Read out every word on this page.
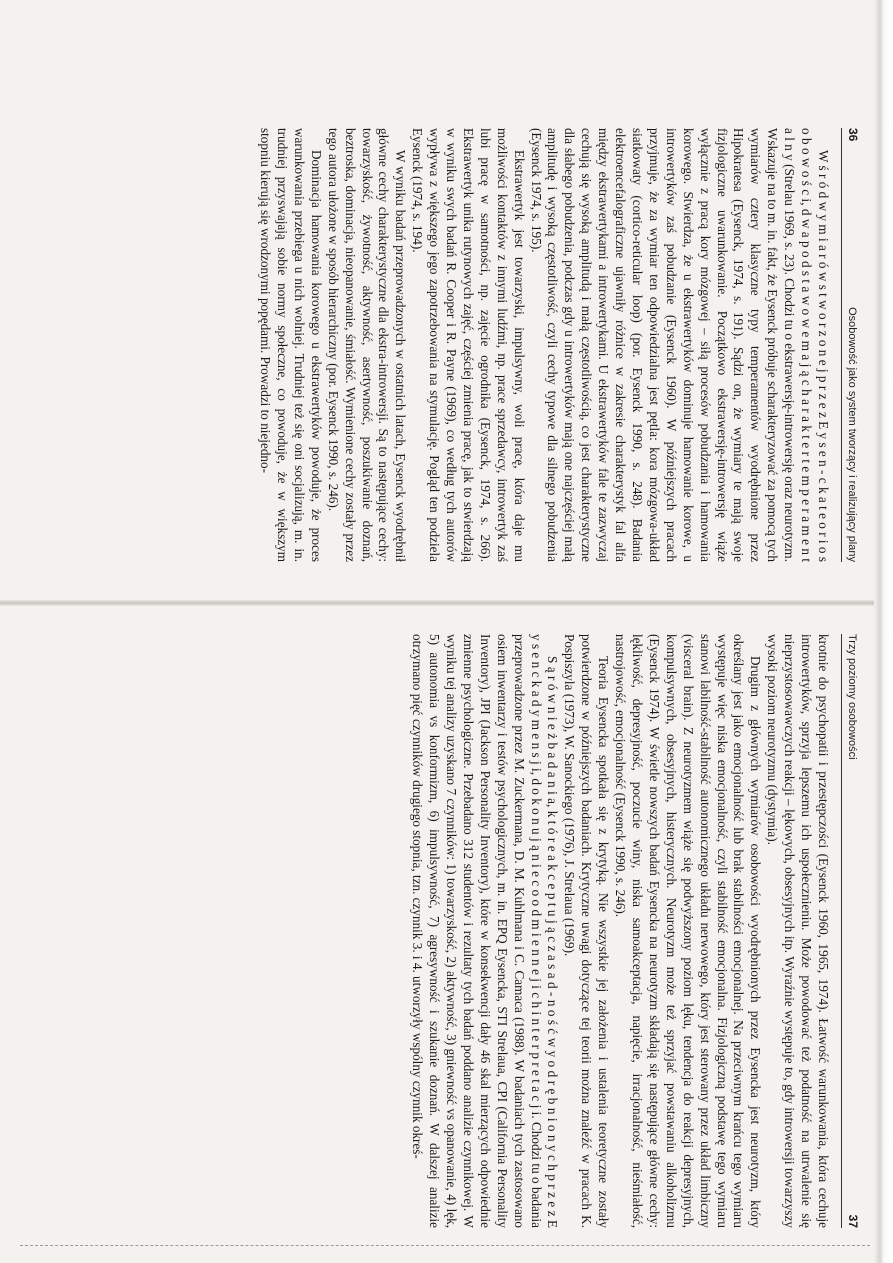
36
Osobowość jako system tworzący i realizujący plany

W ś r ó d w y m i a r ó w s t w o r z o n e j p r z e z E y s e n - c k a t e o r i o s o b o w o ś c i, d w a p o d s t a w o w e m a j ą c h a r a k t e r t e m p e r a m e n t a l n y (Strelau 1969, s. 23). Chodzi tu o ekstrawersję-introwersję oraz neurotyzm. Wskazuje na to m. in. fakt, że Eysenck próbuje scharakteryzować za pomocą tych wymiarów cztery klasyczne typy temperamentów wyodrębnione przez Hipokratesa (Eysenck, 1974, s. 191). Sądzi on, że wymiary te mają swoje fizjologiczne uwarunkowanie. Początkowo ekstrawersję-introwersję wiąże wyłącznie z pracą kory mózgowej – siłą procesów pobudzania i hamowania korowego. Stwierdza, że u ekstrawertyków dominuje hamowanie korowe, u introwertyków zaś pobudzanie (Eysenck 1960). W późniejszych pracach przyjmuje, że za wymiar ten odpowiedzialna jest pętla: kora mózgowa-układ siatkowaty (cortico-reticular loop) (por. Eysenck 1990, s. 248). Badania elektroencefalograficzne ujawniły różnice w zakresie charakterystyk fal alfa między ekstrawertykami a introwertykami. U ekstrawertyków fale te zazwyczaj cechują się wysoką amplitudą i małą częstotliwością, co jest charakterystyczne dla słabego pobudzenia, podczas gdy u introwertyków mają one najczęściej małą amplitudę i wysoką częstotliwość, czyli cechy typowe dla silnego pobudzenia (Eysenck 1974, s. 195).

Ekstrawertyk jest towarzyski, impulsywny, woli pracę, która daje mu możliwości kontaktów z innymi ludźmi, np. prace sprzedawcy, introwertyk zaś lubi pracę w samotności, np. zajęcie ogrodnika (Eysenck, 1974, s. 266). Ekstrawertyk unika rutynowych zajęć, częściej zmienia pracę, jak to stwierdzają w wyniku swych badań R. Cooper i R. Payne (1969), co według tych autorów wypływa z większego jego zapotrzebowania na stymulację. Pogląd ten podziela Eysenck (1974, s. 194).

W wyniku badań przeprowadzonych w ostatnich latach, Eysenck wyodrębnił główne cechy charakterystyczne dla ekstra-introwersji. Są to następujące cechy: towarzyskość, żywotność, aktywność, asertywność, poszukiwanie doznań, beztroska, dominacja, nieopanowanie, śmiałość. Wymienione cechy zostały przez tego autora ułożone w sposób hierarchiczny (por. Eysenck 1990, s. 246).

Dominacja hamowania korowego u ekstrawertyków powoduje, że proces warunkowania przebiega u nich wolniej. Trudniej też się oni socjalizują, m. in. trudniej przyswajają sobie normy społeczne, co powoduje, że w większym stopniu kierują się wrodzonymi popędami. Prowadzi to niejedno-

Trzy poziomy osobowości
37

krotnie do psychopatii i przestępczości (Eysenck 1960, 1965, 1974). Łatwość warunkowania, która cechuje introwertyków, sprzyja lepszemu ich uspołecznieniu. Może powodować też podatność na utrwalenie się nieprzystosowawczych reakcji – lękowych, obsesyjnych itp. Wyraźnie występuje to, gdy introwersji towarzyszy wysoki poziom neurotyzmu (dystymia).

Drugim z głównych wymiarów osobowości wyodrębnionych przez Eysencka jest neurotyzm, który określany jest jako emocjonalność lub brak stabilności emocjonalnej. Na przeciwnym krańcu tego wymiaru występuje więc niska emocjonalność, czyli stabilność emocjonalna. Fizjologiczną podstawę tego wymiaru stanowi labilność-stabilność autonomicznego układu nerwowego, który jest sterowany przez układ limbiczny (visceral brain). Z neurotyzmem wiąże się podwyższony poziom lęku, tendencja do reakcji depresyjnych, kompulsywnych, obsesyjnych, histerycznych. Neurotyzm może też sprzyjać powstawaniu alkoholizmu (Eysenck 1974). W świetle nowszych badań Eysencka na neurotyzm składają się następujące główne cechy: lękliwość, depresyjność, poczucie winy, niska samoakceptacja, napięcie, irracjonalność, nieśmiałość, nastrojowość, emocjonalność (Eysenck 1990, s. 246).

Teoria Eysencka spotkała się z krytyką. Nie wszystkie jej założenia i ustalenia teoretyczne zostały potwierdzone w późniejszych badaniach. Krytyczne uwagi dotyczące tej teorii można znaleźć w pracach K. Pospiszyla (1973), W. Sanockiego (1976), J. Strelaua (1969).

S ą r ó w n i e ż b a d a n i a, k t ó r e a k c e p t u j ą c z a s a d - n o ś ć w y o d r ę b n i o n y c h p r z e z E y s e n c k a d y m e n s j i, d o k o n u j ą n i e c o o d m i e n n e j i c h i n t e r p r e t a c j i. Chodzi tu o badania przeprowadzone przez M. Zuckermana, D. M. Kuhlmana i C. Camaca (1988). W badaniach tych zastosowano osiem inwentarzy i testów psychologicznych, m. in. EPQ Eysencka, STI Strelaua, CPI (California Personality Inventory), JPI (Jackson Personality Inventory), które w konsekwencji dały 46 skal mierzących odpowiednie zmienne psychologiczne. Przebadano 312 studentów i rezultaty tych badań poddano analizie czynnikowej. W wyniku tej analizy uzyskano 7 czynników: 1) towarzyskość, 2) aktywność, 3) gniewność vs opanowanie, 4) lęk, 5) autonomia vs konformizm, 6) impulsywność, 7) agresywność i szukanie doznań. W dalszej analizie otrzymano pięć czynników drugiego stopnia, tzn. czynnik 3. i 4. utworzyły wspólny czynnik okreś-
